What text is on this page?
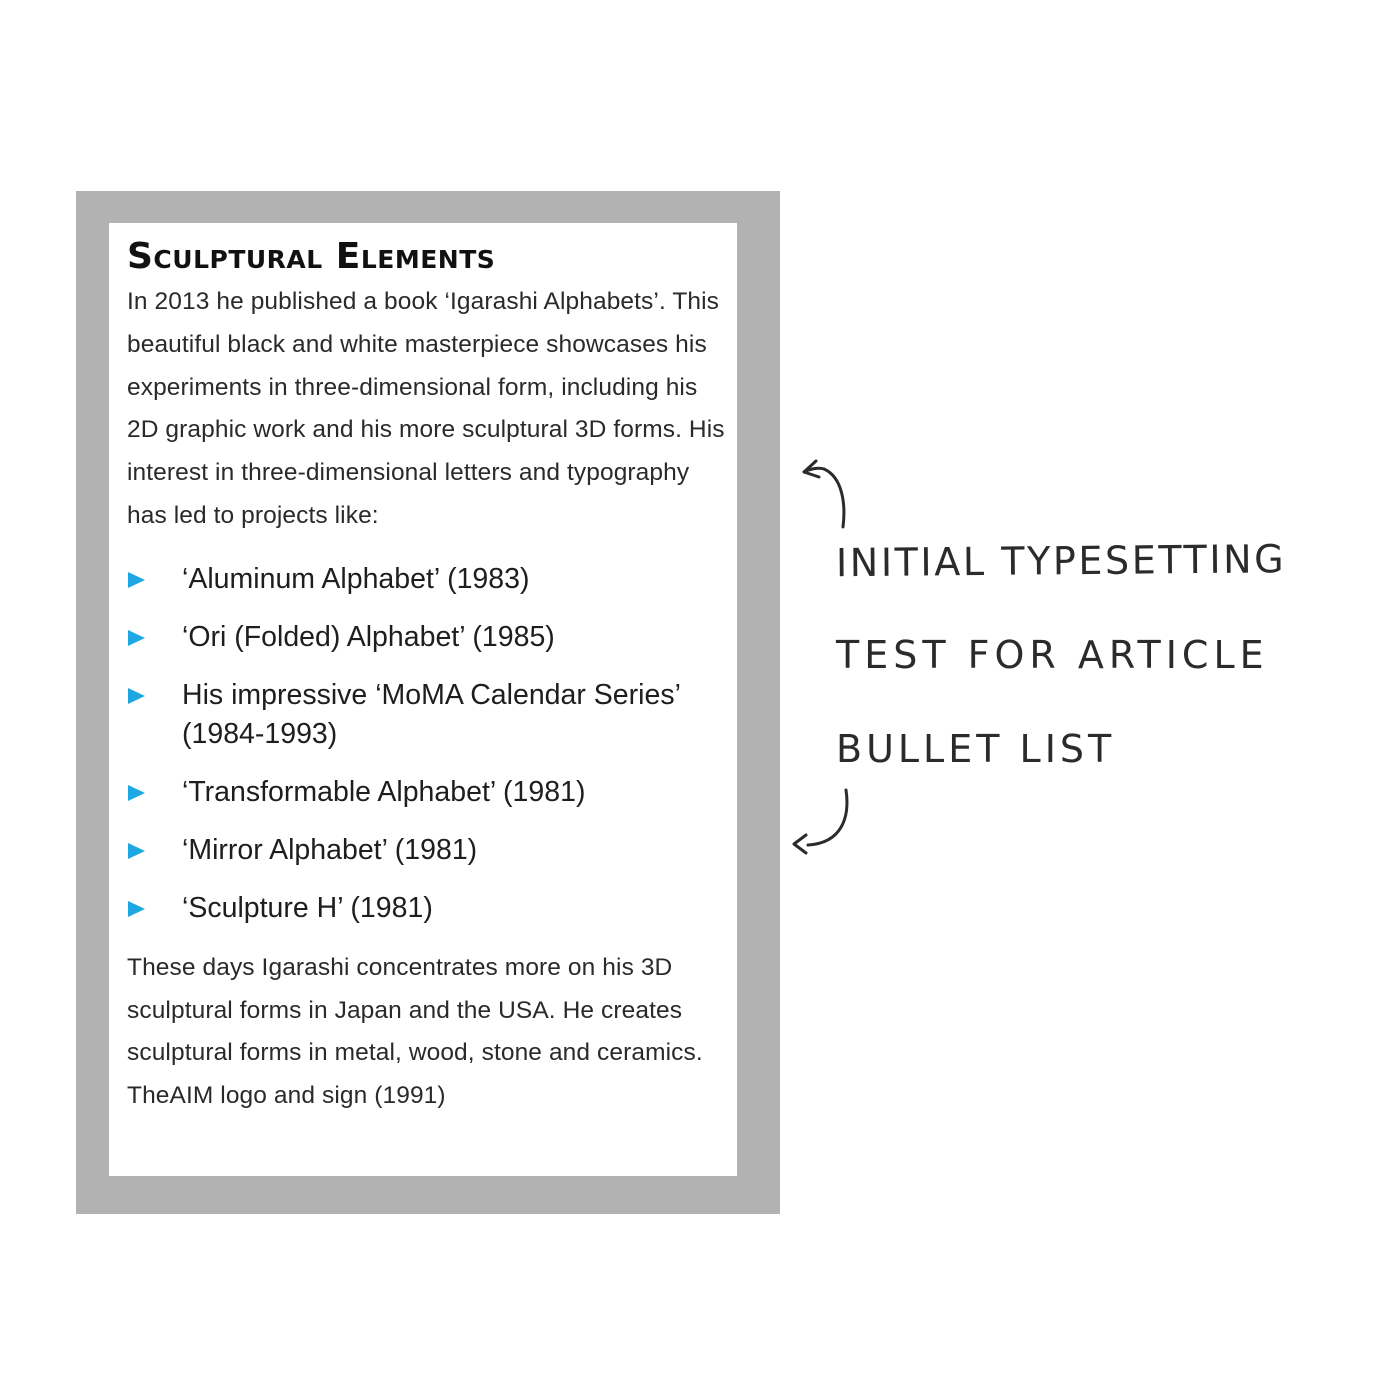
Sculptural Elements

In 2013 he published a book ‘Igarashi Alphabets’. This beautiful black and white masterpiece showcases his experiments in three-dimensional form, including his 2D graphic work and his more sculptural 3D forms. His interest in three-dimensional letters and typography has led to projects like:

‘Aluminum Alphabet’ (1983)
‘Ori (Folded) Alphabet’ (1985)
His impressive ‘MoMA Calendar Series’ (1984-1993)
‘Transformable Alphabet’ (1981)
‘Mirror Alphabet’ (1981)
‘Sculpture H’ (1981)

These days Igarashi concentrates more on his 3D sculptural forms in Japan and the USA. He creates sculptural forms in metal, wood, stone and ceramics. TheAIM logo and sign (1991)

INITIAL TYPESETTING

TEST FOR ARTICLE

BULLET LIST
